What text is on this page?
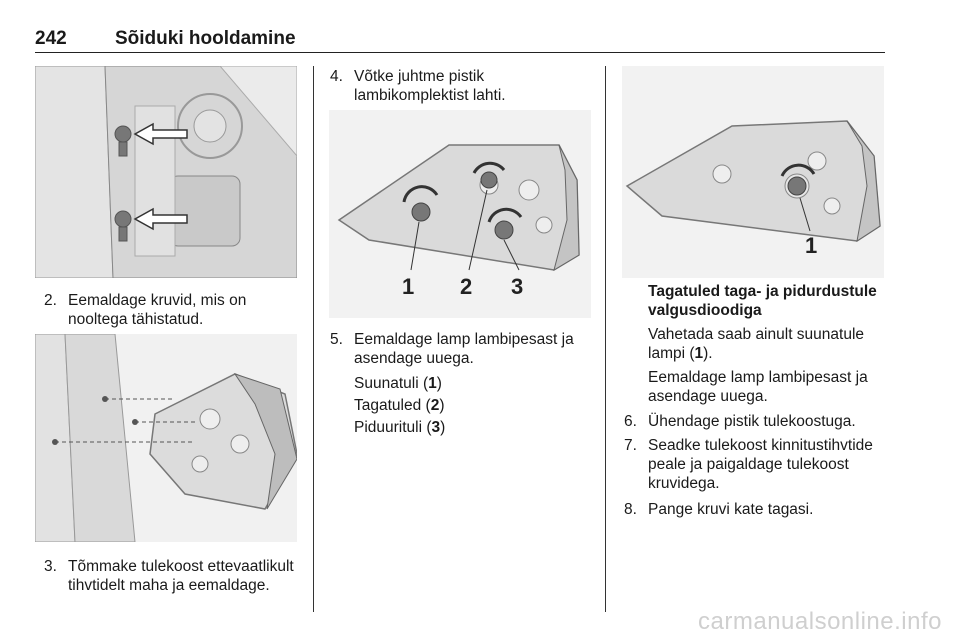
242	Sõiduki hooldamine
2. Eemaldage kruvid, mis on nooltega tähistatud.
3. Tõmmake tulekoost ettevaatlikult tihvtidelt maha ja eemaldage.
4. Võtke juhtme pistik lambikomplektist lahti.
1 2 3
5. Eemaldage lamp lambipesast ja asendage uuega.
Suunatuli (1)
Tagatuled (2)
Piduurituli (3)
1
Tagatuled taga- ja pidurdustule valgusdioodiga
Vahetada saab ainult suunatule lampi (1).
Eemaldage lamp lambipesast ja asendage uuega.
6. Ühendage pistik tulekoostuga.
7. Seadke tulekoost kinnitustihvtide peale ja paigaldage tulekoost kruvidega.
8. Pange kruvi kate tagasi.
carmanualsonline.info
